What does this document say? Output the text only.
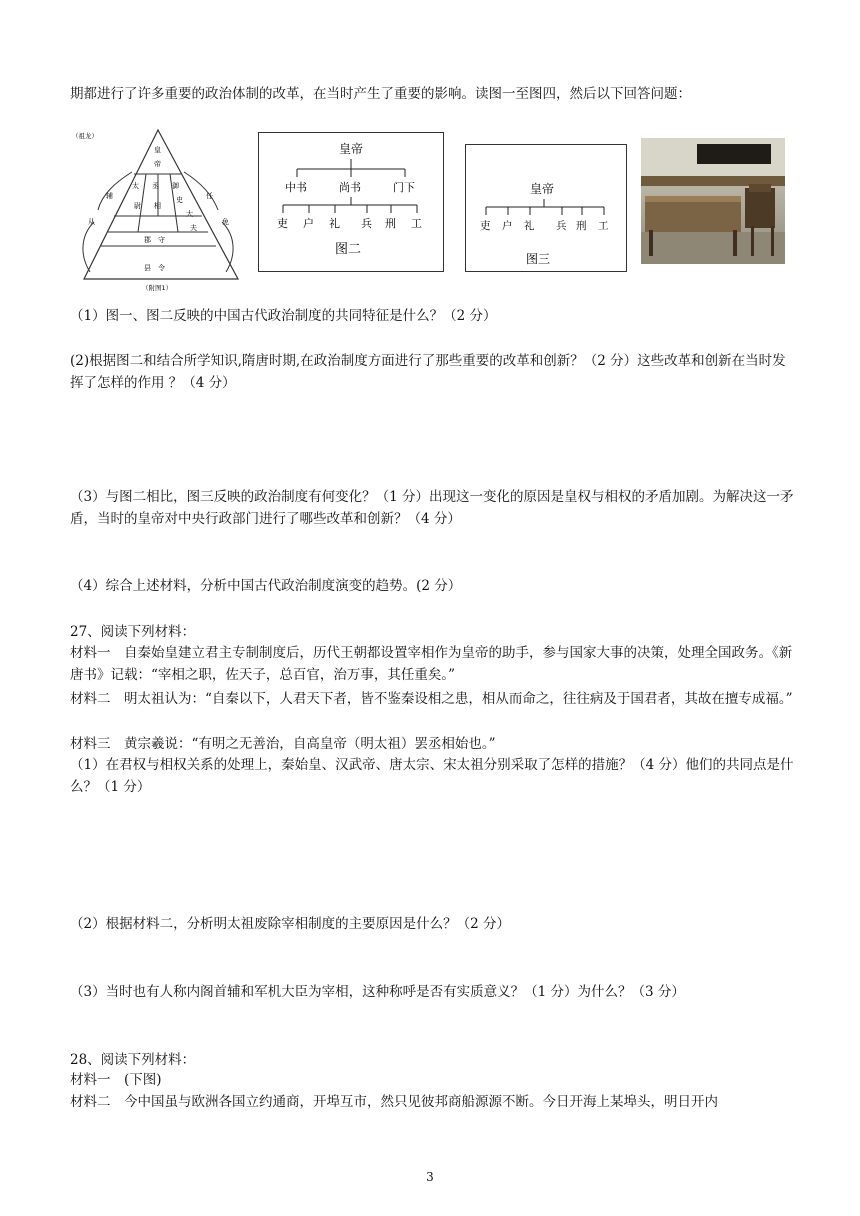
期都进行了许多重要的政治体制的改革，在当时产生了重要的影响。读图一至图四，然后以下回答问题：
（祖龙）
皇
帝
太 丞 御
尉 相
史
大
夫
辅
从
任
免
郡　守
县　令
（附图1）
皇帝
中书	尚书	门下
吏 户 礼 兵 刑 工
图二
皇帝
吏 户 礼 兵 刑 工
图三
（1）图一、图二反映的中国古代政治制度的共同特征是什么？（2 分）
(2)根据图二和结合所学知识,隋唐时期,在政治制度方面进行了那些重要的改革和创新？（2 分）这些改革和创新在当时发挥了怎样的作用 ？（4 分）
（3）与图二相比，图三反映的政治制度有何变化？（1 分）出现这一变化的原因是皇权与相权的矛盾加剧。为解决这一矛盾，当时的皇帝对中央行政部门进行了哪些改革和创新？（4 分）
（4）综合上述材料，分析中国古代政治制度演变的趋势。(2 分）
27、阅读下列材料：
材料一　自秦始皇建立君主专制制度后，历代王朝都设置宰相作为皇帝的助手，参与国家大事的决策，处理全国政务。《新唐书》记载：“宰相之职，佐天子，总百官，治万事，其任重矣。”
材料二　明太祖认为：“自秦以下，人君天下者，皆不鉴秦设相之患，相从而命之，往往病及于国君者，其故在擅专成福。”
材料三　黄宗羲说：“有明之无善治，自高皇帝（明太祖）罢丞相始也。”
（1）在君权与相权关系的处理上，秦始皇、汉武帝、唐太宗、宋太祖分别采取了怎样的措施？（4 分）他们的共同点是什么？（1 分）
（2）根据材料二，分析明太祖废除宰相制度的主要原因是什么？（2 分）
（3）当时也有人称内阁首辅和军机大臣为宰相，这种称呼是否有实质意义？（1 分）为什么？（3 分）
28、阅读下列材料：
材料一　(下图)
材料二　今中国虽与欧洲各国立约通商，开埠互市，然只见彼邦商船源源不断。今日开海上某埠头，明日开内
3
